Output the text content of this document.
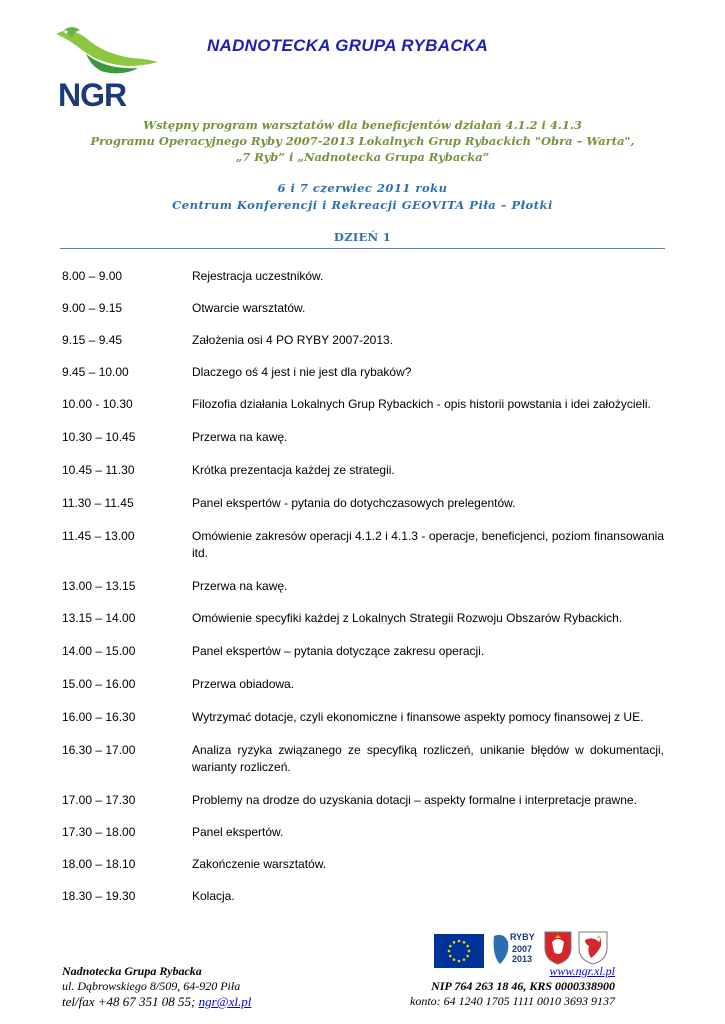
NGR
NADNOTECKA GRUPA RYBACKA
Wstępny program warsztatów dla beneficjentów działań 4.1.2 i 4.1.3
Programu Operacyjnego Ryby 2007-2013 Lokalnych Grup Rybackich "Obra – Warta",
„7 Ryb” i „Nadnotecka Grupa Rybacka”
6 i 7 czerwiec 2011 roku
Centrum Konferencji i Rekreacji GEOVITA Piła – Płotki
DZIEŃ 1
8.00 – 9.00	Rejestracja uczestników.
9.00 – 9.15	Otwarcie warsztatów.
9.15 – 9.45	Założenia osi 4 PO RYBY 2007-2013.
9.45 – 10.00	Dlaczego oś 4 jest i nie jest dla rybaków?
10.00 - 10.30	Filozofia działania Lokalnych Grup Rybackich - opis historii powstania i idei założycieli.
10.30 – 10.45	Przerwa na kawę.
10.45 – 11.30	Krótka prezentacja każdej ze strategii.
11.30 – 11.45	Panel ekspertów - pytania do dotychczasowych prelegentów.
11.45 – 13.00	Omówienie zakresów operacji 4.1.2 i 4.1.3 - operacje, beneficjenci, poziom finansowania itd.
13.00 – 13.15	Przerwa na kawę.
13.15 – 14.00	Omówienie specyfiki każdej z Lokalnych Strategii Rozwoju Obszarów Rybackich.
14.00 – 15.00	Panel ekspertów – pytania dotyczące zakresu operacji.
15.00 – 16.00	Przerwa obiadowa.
16.00 – 16.30	Wytrzymać dotacje, czyli ekonomiczne i finansowe aspekty pomocy finansowej z UE.
16.30 – 17.00	Analiza ryzyka związanego ze specyfiką rozliczeń, unikanie błędów w dokumentacji, warianty rozliczeń.
17.00 – 17.30	Problemy na drodze do uzyskania dotacji – aspekty formalne i interpretacje prawne.
17.30 – 18.00	Panel ekspertów.
18.00 – 18.10	Zakończenie warsztatów.
18.30 – 19.30	Kolacja.
RYBY
2007
2013
Nadnotecka Grupa Rybacka
ul. Dąbrowskiego 8/509, 64-920 Piła
tel/fax +48 67 351 08 55; ngr@xl.pl
www.ngr.xl.pl
NIP 764 263 18 46, KRS 0000338900
konto: 64 1240 1705 1111 0010 3693 9137
